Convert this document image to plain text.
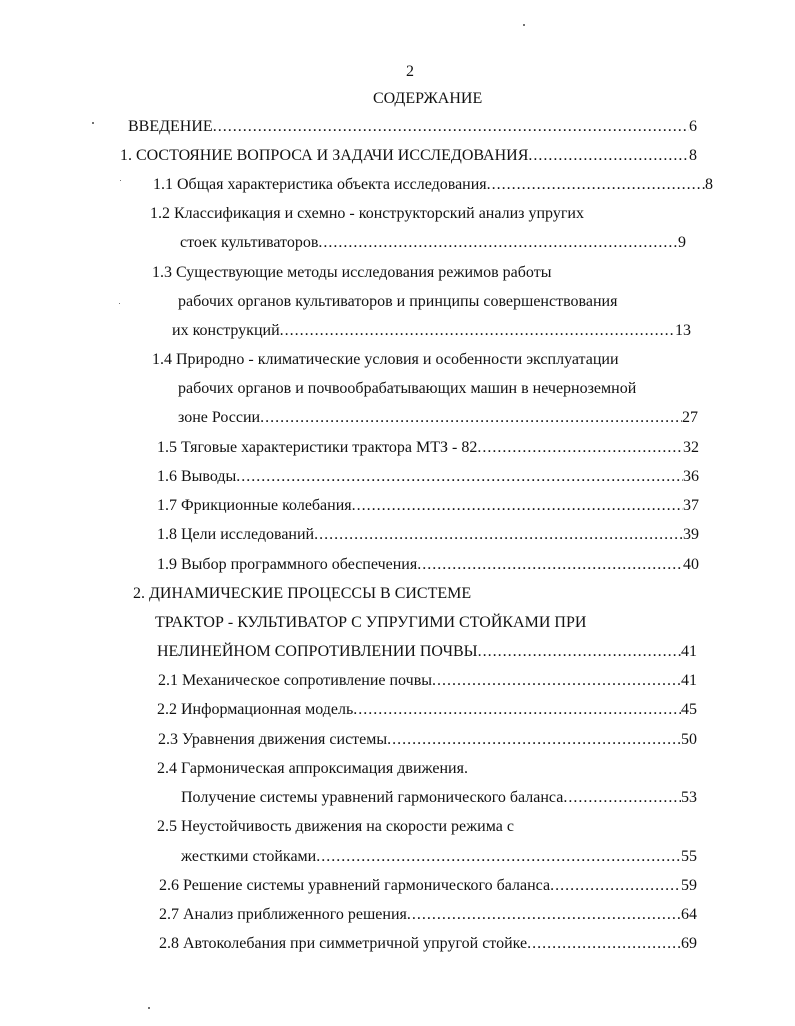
2
СОДЕРЖАНИЕ
ВВЕДЕНИЕ .....	6
1. СОСТОЯНИЕ ВОПРОСА И ЗАДАЧИ ИССЛЕДОВАНИЯ .....	8
1.1 Общая характеристика объекта исследования .....	8
1.2 Классификация и схемно - конструкторский анализ упругих
стоек культиваторов .....	9
1.3 Существующие методы исследования режимов работы
рабочих органов культиваторов и принципы совершенствования
их конструкций .....	13
1.4 Природно - климатические условия и особенности эксплуатации
рабочих органов и почвообрабатывающих машин в нечерноземной
зоне России .....	27
1.5 Тяговые характеристики трактора МТЗ - 82 .....	32
1.6 Выводы .....	36
1.7 Фрикционные колебания .....	37
1.8 Цели исследований .....	39
1.9 Выбор программного обеспечения .....	40
2. ДИНАМИЧЕСКИЕ ПРОЦЕССЫ В СИСТЕМЕ
ТРАКТОР - КУЛЬТИВАТОР С УПРУГИМИ СТОЙКАМИ ПРИ
НЕЛИНЕЙНОМ СОПРОТИВЛЕНИИ ПОЧВЫ .....	41
2.1 Механическое сопротивление почвы .....	41
2.2 Информационная модель .....	45
2.3 Уравнения движения системы .....	50
2.4 Гармоническая аппроксимация движения.
Получение системы уравнений гармонического баланса .....	53
2.5 Неустойчивость движения на скорости режима с
жесткими стойками .....	55
2.6 Решение системы уравнений гармонического баланса .....	59
2.7 Анализ приближенного решения .....	64
2.8 Автоколебания при симметричной упругой стойке .....	69
